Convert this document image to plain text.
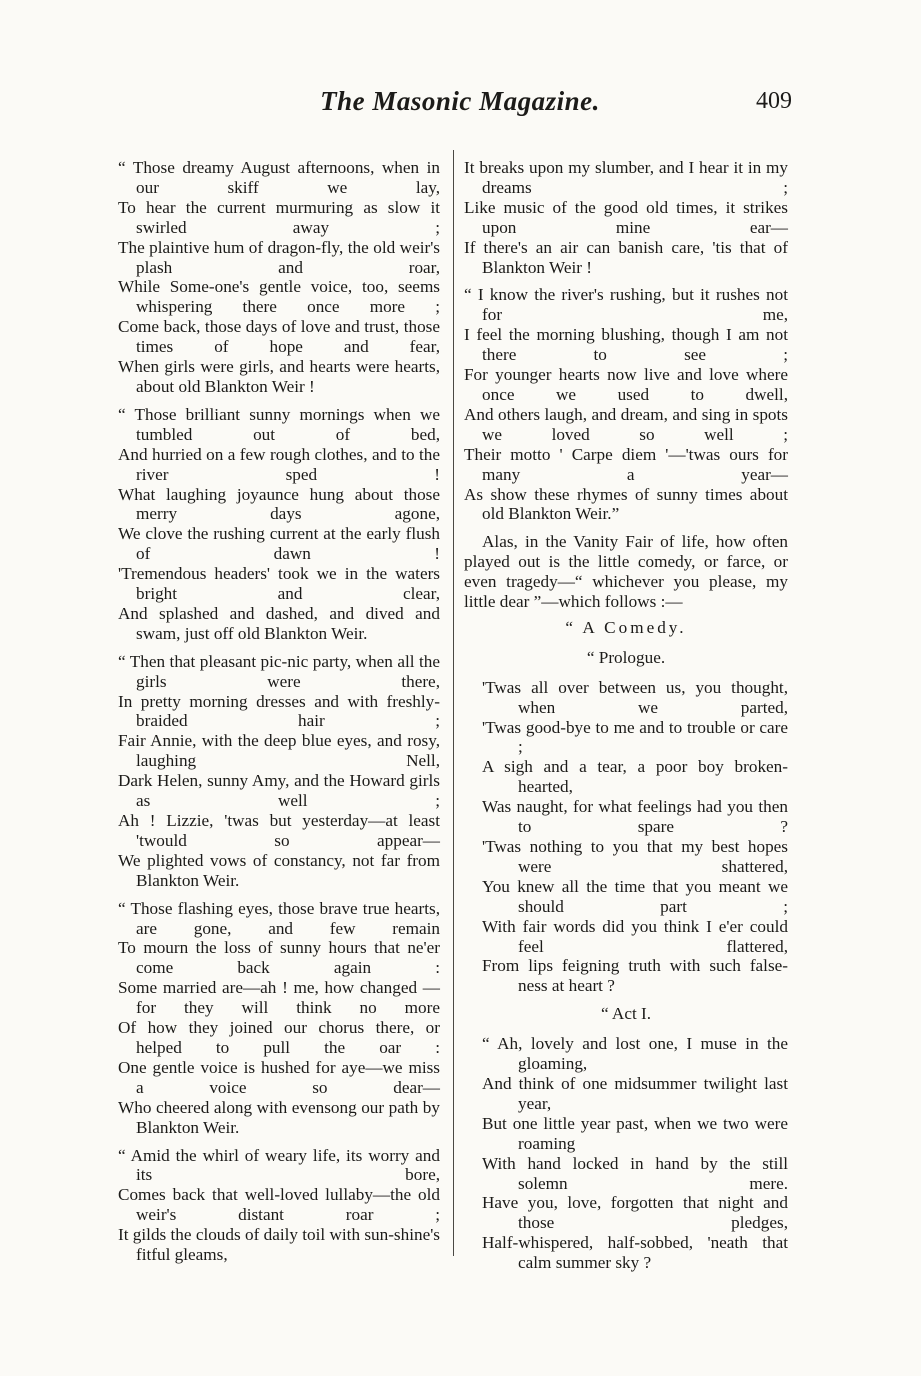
The Masonic Magazine.	409
“ Those dreamy August afternoons, when in our skiff we lay,
To hear the current murmuring as slow it swirled away ;
The plaintive hum of dragon-fly, the old weir's plash and roar,
While Some-one's gentle voice, too, seems whispering there once more ;
Come back, those days of love and trust, those times of hope and fear,
When girls were girls, and hearts were hearts, about old Blankton Weir !
“ Those brilliant sunny mornings when we tumbled out of bed,
And hurried on a few rough clothes, and to the river sped !
What laughing joyaunce hung about those merry days agone,
We clove the rushing current at the early flush of dawn !
'Tremendous headers' took we in the waters bright and clear,
And splashed and dashed, and dived and swam, just off old Blankton Weir.
“ Then that pleasant pic-nic party, when all the girls were there,
In pretty morning dresses and with freshly-braided hair ;
Fair Annie, with the deep blue eyes, and rosy, laughing Nell,
Dark Helen, sunny Amy, and the Howard girls as well ;
Ah ! Lizzie, 'twas but yesterday—at least 'twould so appear—
We plighted vows of constancy, not far from Blankton Weir.
“ Those flashing eyes, those brave true hearts, are gone, and few remain
To mourn the loss of sunny hours that ne'er come back again :
Some married are—ah ! me, how changed —for they will think no more
Of how they joined our chorus there, or helped to pull the oar :
One gentle voice is hushed for aye—we miss a voice so dear—
Who cheered along with evensong our path by Blankton Weir.
“ Amid the whirl of weary life, its worry and its bore,
Comes back that well-loved lullaby—the old weir's distant roar ;
It gilds the clouds of daily toil with sun-shine's fitful gleams,
It breaks upon my slumber, and I hear it in my dreams ;
Like music of the good old times, it strikes upon mine ear—
If there's an air can banish care, 'tis that of Blankton Weir !
“ I know the river's rushing, but it rushes not for me,
I feel the morning blushing, though I am not there to see ;
For younger hearts now live and love where once we used to dwell,
And others laugh, and dream, and sing in spots we loved so well ;
Their motto ' Carpe diem '—'twas ours for many a year—
As show these rhymes of sunny times about old Blankton Weir.”
Alas, in the Vanity Fair of life, how often played out is the little comedy, or farce, or even tragedy—“ whichever you please, my little dear ”—which follows :—
“ A Comedy.
“ Prologue.
'Twas all over between us, you thought, when we parted,
'Twas good-bye to me and to trouble or care ;
A sigh and a tear, a poor boy broken-hearted,
Was naught, for what feelings had you then to spare ?
'Twas nothing to you that my best hopes were shattered,
You knew all the time that you meant we should part ;
With fair words did you think I e'er could feel flattered,
From lips feigning truth with such false-ness at heart ?
“ Act I.
“ Ah, lovely and lost one, I muse in the gloaming,
And think of one midsummer twilight last year,
But one little year past, when we two were roaming
With hand locked in hand by the still solemn mere.
Have you, love, forgotten that night and those pledges,
Half-whispered, half-sobbed, 'neath that calm summer sky ?
